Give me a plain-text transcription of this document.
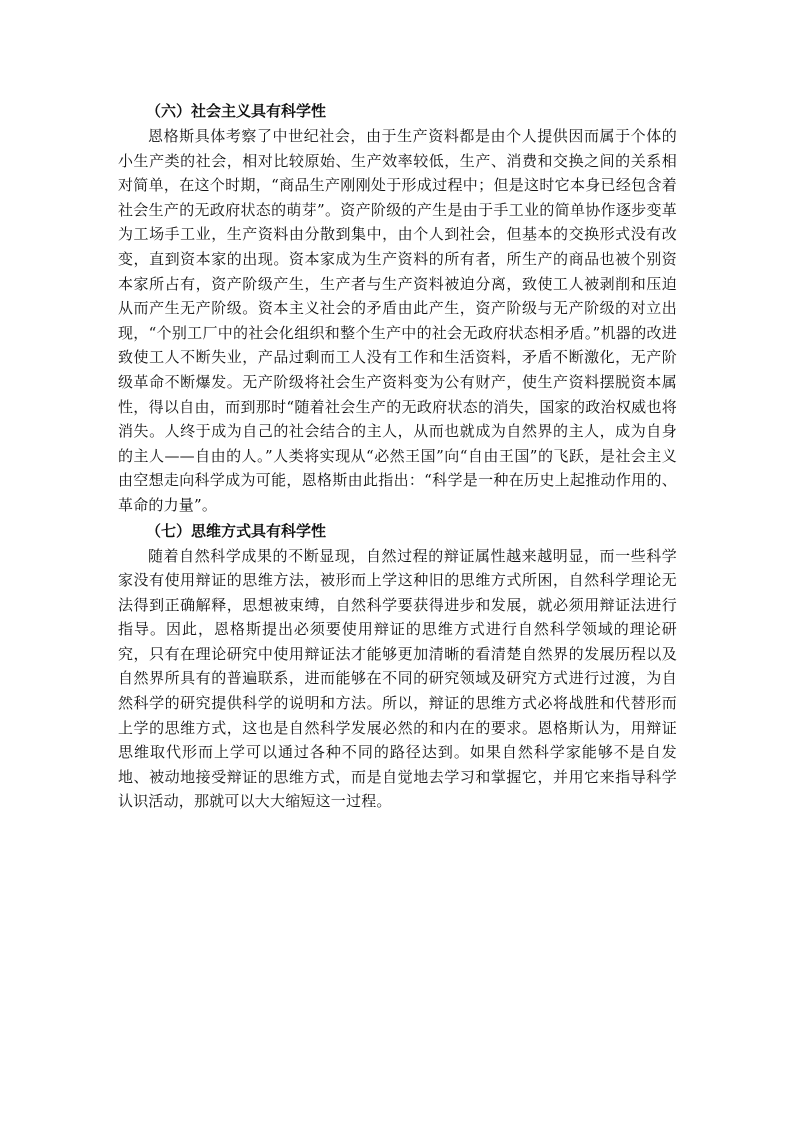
（六）社会主义具有科学性

恩格斯具体考察了中世纪社会，由于生产资料都是由个人提供因而属于个体的小生产类的社会，相对比较原始、生产效率较低，生产、消费和交换之间的关系相对简单，在这个时期，“商品生产刚刚处于形成过程中；但是这时它本身已经包含着社会生产的无政府状态的萌芽”。资产阶级的产生是由于手工业的简单协作逐步变革为工场手工业，生产资料由分散到集中，由个人到社会，但基本的交换形式没有改变，直到资本家的出现。资本家成为生产资料的所有者，所生产的商品也被个别资本家所占有，资产阶级产生，生产者与生产资料被迫分离，致使工人被剥削和压迫从而产生无产阶级。资本主义社会的矛盾由此产生，资产阶级与无产阶级的对立出现，“个别工厂中的社会化组织和整个生产中的社会无政府状态相矛盾。”机器的改进致使工人不断失业，产品过剩而工人没有工作和生活资料，矛盾不断激化，无产阶级革命不断爆发。无产阶级将社会生产资料变为公有财产，使生产资料摆脱资本属性，得以自由，而到那时“随着社会生产的无政府状态的消失，国家的政治权威也将消失。人终于成为自己的社会结合的主人，从而也就成为自然界的主人，成为自身的主人——自由的人。”人类将实现从“必然王国”向“自由王国”的飞跃，是社会主义由空想走向科学成为可能，恩格斯由此指出：“科学是一种在历史上起推动作用的、革命的力量”。

（七）思维方式具有科学性

随着自然科学成果的不断显现，自然过程的辩证属性越来越明显，而一些科学家没有使用辩证的思维方法，被形而上学这种旧的思维方式所困，自然科学理论无法得到正确解释，思想被束缚，自然科学要获得进步和发展，就必须用辩证法进行指导。因此，恩格斯提出必须要使用辩证的思维方式进行自然科学领域的理论研究，只有在理论研究中使用辩证法才能够更加清晰的看清楚自然界的发展历程以及自然界所具有的普遍联系，进而能够在不同的研究领域及研究方式进行过渡，为自然科学的研究提供科学的说明和方法。所以，辩证的思维方式必将战胜和代替形而上学的思维方式，这也是自然科学发展必然的和内在的要求。恩格斯认为，用辩证思维取代形而上学可以通过各种不同的路径达到。如果自然科学家能够不是自发地、被动地接受辩证的思维方式，而是自觉地去学习和掌握它，并用它来指导科学认识活动，那就可以大大缩短这一过程。
